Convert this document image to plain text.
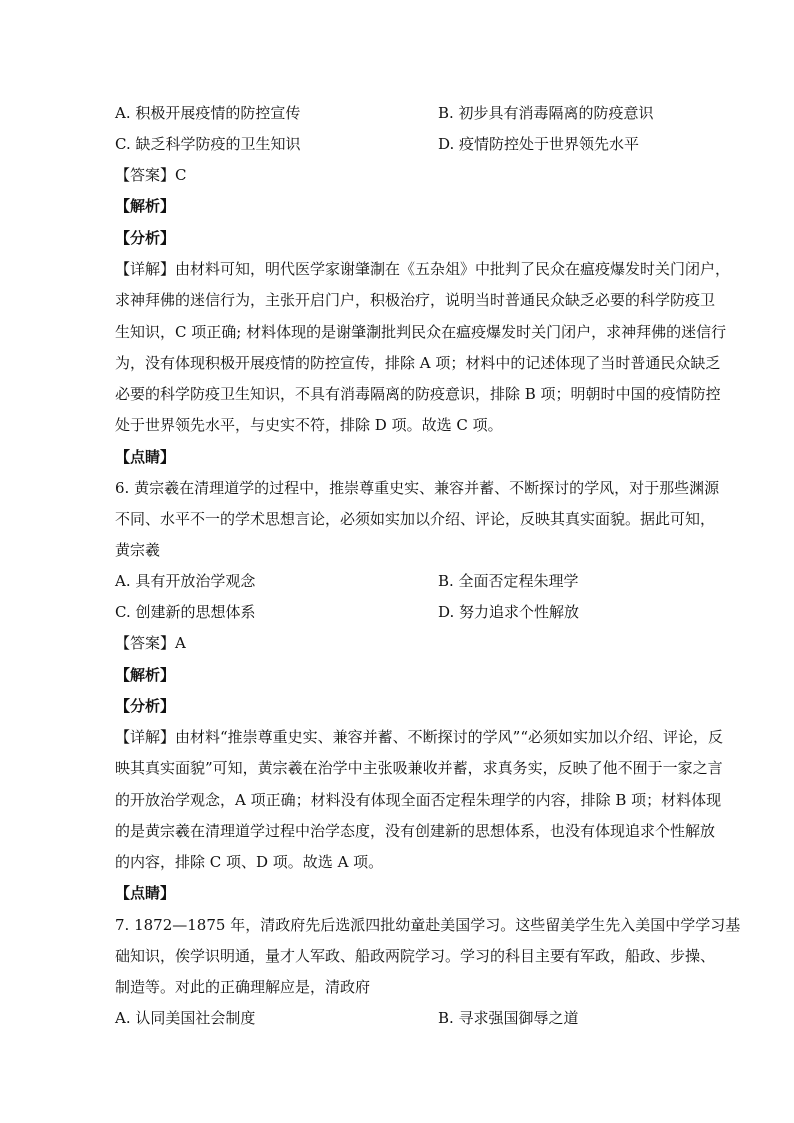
A. 积极开展疫情的防控宣传	B. 初步具有消毒隔离的防疫意识
C. 缺乏科学防疫的卫生知识	D. 疫情防控处于世界领先水平
【答案】C
【解析】
【分析】
【详解】由材料可知，明代医学家谢肇淛在《五杂俎》中批判了民众在瘟疫爆发时关门闭户，
求神拜佛的迷信行为，主张开启门户，积极治疗，说明当时普通民众缺乏必要的科学防疫卫
生知识，C 项正确; 材料体现的是谢肇淛批判民众在瘟疫爆发时关门闭户，求神拜佛的迷信行
为，没有体现积极开展疫情的防控宣传，排除 A 项；材料中的记述体现了当时普通民众缺乏
必要的科学防疫卫生知识，不具有消毒隔离的防疫意识，排除 B 项；明朝时中国的疫情防控
处于世界领先水平，与史实不符，排除 D 项。故选 C 项。
【点睛】
6. 黄宗羲在清理道学的过程中，推崇尊重史实、兼容并蓄、不断探讨的学风，对于那些渊源
不同、水平不一的学术思想言论，必须如实加以介绍、评论，反映其真实面貌。据此可知，
黄宗羲
A. 具有开放治学观念	B. 全面否定程朱理学
C. 创建新的思想体系	D. 努力追求个性解放
【答案】A
【解析】
【分析】
【详解】由材料“推崇尊重史实、兼容并蓄、不断探讨的学风”“必须如实加以介绍、评论，反
映其真实面貌”可知，黄宗羲在治学中主张吸兼收并蓄，求真务实，反映了他不囿于一家之言
的开放治学观念，A 项正确；材料没有体现全面否定程朱理学的内容，排除 B 项；材料体现
的是黄宗羲在清理道学过程中治学态度，没有创建新的思想体系，也没有体现追求个性解放
的内容，排除 C 项、D 项。故选 A 项。
【点睛】
7. 1872—1875 年，清政府先后选派四批幼童赴美国学习。这些留美学生先入美国中学学习基
础知识，俟学识明通，量才人军政、船政两院学习。学习的科目主要有军政，船政、步操、
制造等。对此的正确理解应是，清政府
A. 认同美国社会制度	B. 寻求强国御辱之道
